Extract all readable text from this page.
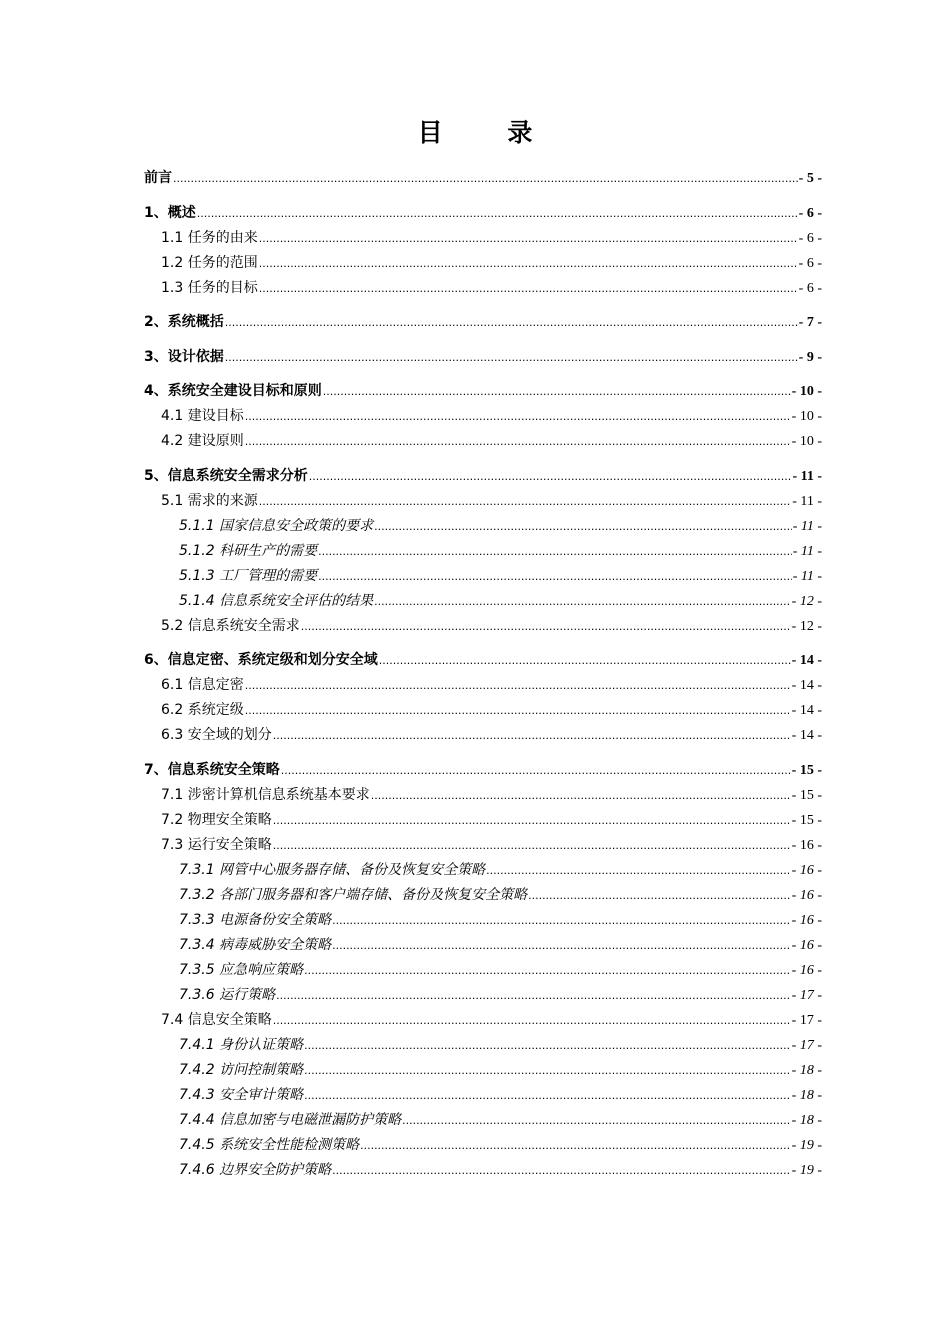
目 录
前言 .....	- 5 -
1、概述 .....	- 6 -
1.1 任务的由来 .....	- 6 -
1.2 任务的范围 .....	- 6 -
1.3 任务的目标 .....	- 6 -
2、系统概括 .....	- 7 -
3、设计依据 .....	- 9 -
4、系统安全建设目标和原则 .....	- 10 -
4.1 建设目标 .....	- 10 -
4.2 建设原则 .....	- 10 -
5、信息系统安全需求分析 .....	- 11 -
5.1 需求的来源 .....	- 11 -
5.1.1 国家信息安全政策的要求 .....	- 11 -
5.1.2 科研生产的需要 .....	- 11 -
5.1.3 工厂管理的需要 .....	- 11 -
5.1.4 信息系统安全评估的结果 .....	- 12 -
5.2 信息系统安全需求 .....	- 12 -
6、信息定密、系统定级和划分安全域 .....	- 14 -
6.1 信息定密 .....	- 14 -
6.2 系统定级 .....	- 14 -
6.3 安全域的划分 .....	- 14 -
7、信息系统安全策略 .....	- 15 -
7.1 涉密计算机信息系统基本要求 .....	- 15 -
7.2 物理安全策略 .....	- 15 -
7.3 运行安全策略 .....	- 16 -
7.3.1 网管中心服务器存储、备份及恢复安全策略 .....	- 16 -
7.3.2 各部门服务器和客户端存储、备份及恢复安全策略 .....	- 16 -
7.3.3 电源备份安全策略 .....	- 16 -
7.3.4 病毒威胁安全策略 .....	- 16 -
7.3.5 应急响应策略 .....	- 16 -
7.3.6 运行策略 .....	- 17 -
7.4 信息安全策略 .....	- 17 -
7.4.1 身份认证策略 .....	- 17 -
7.4.2 访问控制策略 .....	- 18 -
7.4.3 安全审计策略 .....	- 18 -
7.4.4 信息加密与电磁泄漏防护策略 .....	- 18 -
7.4.5 系统安全性能检测策略 .....	- 19 -
7.4.6 边界安全防护策略 .....	- 19 -
